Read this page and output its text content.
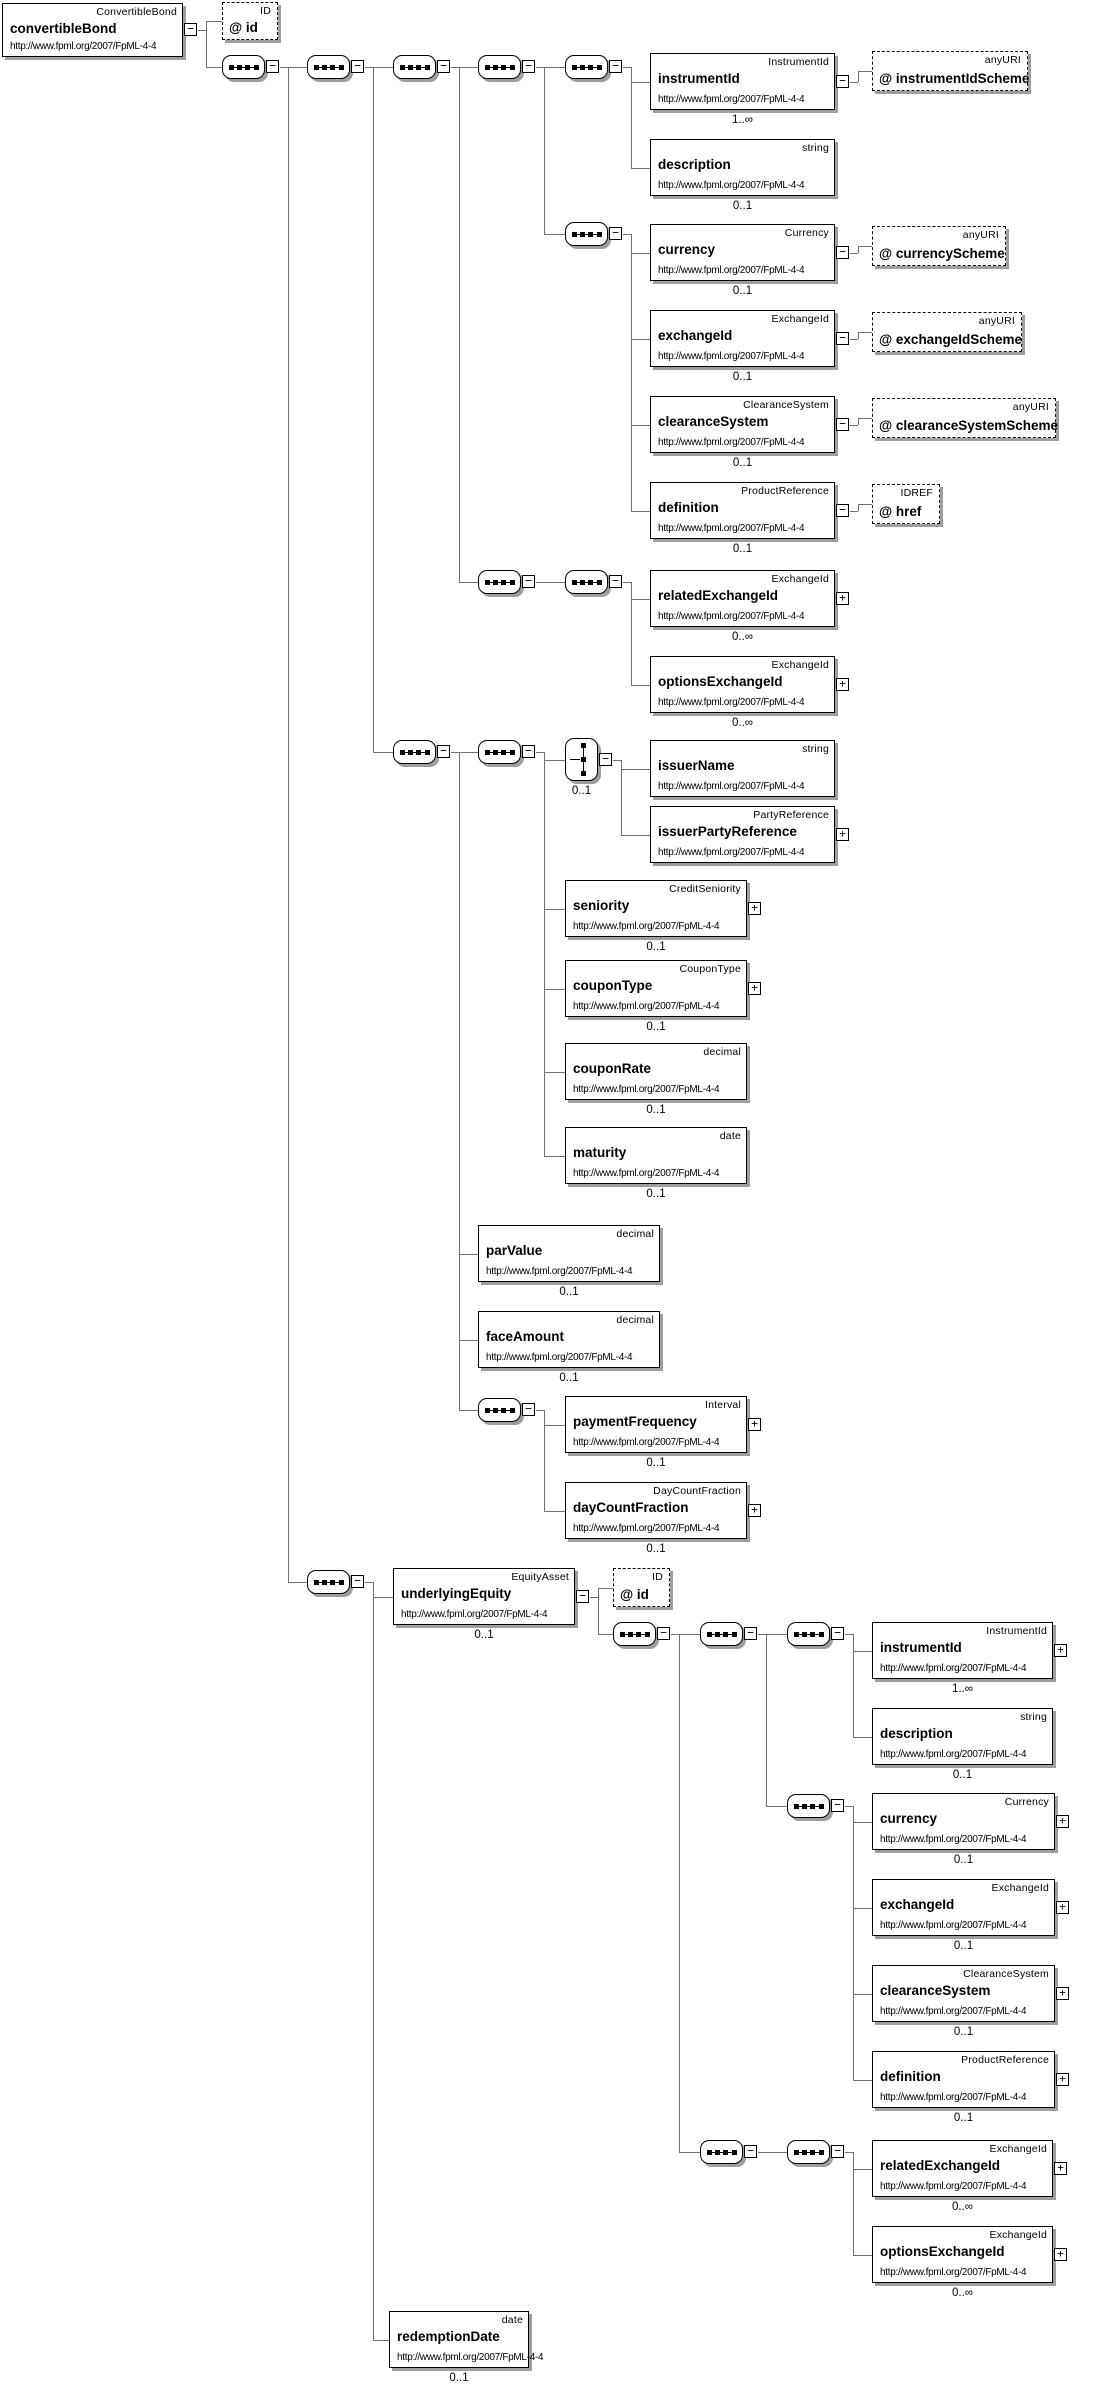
ConvertibleBond
convertibleBond
http://www.fpml.org/2007/FpML-4-4
−
ID
@ id
−	−	−	−	−	InstrumentId
instrumentId
http://www.fpml.org/2007/FpML-4-4
−
1..∞
anyURI
@ instrumentIdScheme
string
description
http://www.fpml.org/2007/FpML-4-4
0..1
−	Currency
currency
http://www.fpml.org/2007/FpML-4-4
−
0..1
anyURI
@ currencyScheme
ExchangeId
exchangeId
http://www.fpml.org/2007/FpML-4-4
−
0..1
anyURI
@ exchangeIdScheme
ClearanceSystem
clearanceSystem
http://www.fpml.org/2007/FpML-4-4
−
0..1
anyURI
@ clearanceSystemScheme
ProductReference
definition
http://www.fpml.org/2007/FpML-4-4
−
0..1
IDREF
@ href
−	−	ExchangeId
relatedExchangeId
http://www.fpml.org/2007/FpML-4-4
+
0..∞
ExchangeId
optionsExchangeId
http://www.fpml.org/2007/FpML-4-4
+
0..∞
−	−
−
0..1
string
issuerName
http://www.fpml.org/2007/FpML-4-4
PartyReference
issuerPartyReference
http://www.fpml.org/2007/FpML-4-4
+
CreditSeniority
seniority
http://www.fpml.org/2007/FpML-4-4
+
0..1
CouponType
couponType
http://www.fpml.org/2007/FpML-4-4
+
0..1
decimal
couponRate
http://www.fpml.org/2007/FpML-4-4
0..1
date
maturity
http://www.fpml.org/2007/FpML-4-4
0..1
decimal
parValue
http://www.fpml.org/2007/FpML-4-4
0..1
decimal
faceAmount
http://www.fpml.org/2007/FpML-4-4
0..1
−	Interval
paymentFrequency
http://www.fpml.org/2007/FpML-4-4
+
0..1
DayCountFraction
dayCountFraction
http://www.fpml.org/2007/FpML-4-4
+
0..1
−	EquityAsset
underlyingEquity
http://www.fpml.org/2007/FpML-4-4
−
0..1
ID
@ id
−	−	−	InstrumentId
instrumentId
http://www.fpml.org/2007/FpML-4-4
+
1..∞
string
description
http://www.fpml.org/2007/FpML-4-4
0..1
−	Currency
currency
http://www.fpml.org/2007/FpML-4-4
+
0..1
ExchangeId
exchangeId
http://www.fpml.org/2007/FpML-4-4
+
0..1
ClearanceSystem
clearanceSystem
http://www.fpml.org/2007/FpML-4-4
+
0..1
ProductReference
definition
http://www.fpml.org/2007/FpML-4-4
+
0..1
−	−	ExchangeId
relatedExchangeId
http://www.fpml.org/2007/FpML-4-4
+
0..∞
ExchangeId
optionsExchangeId
http://www.fpml.org/2007/FpML-4-4
+
0..∞
date
redemptionDate
http://www.fpml.org/2007/FpML-4-4
0..1
